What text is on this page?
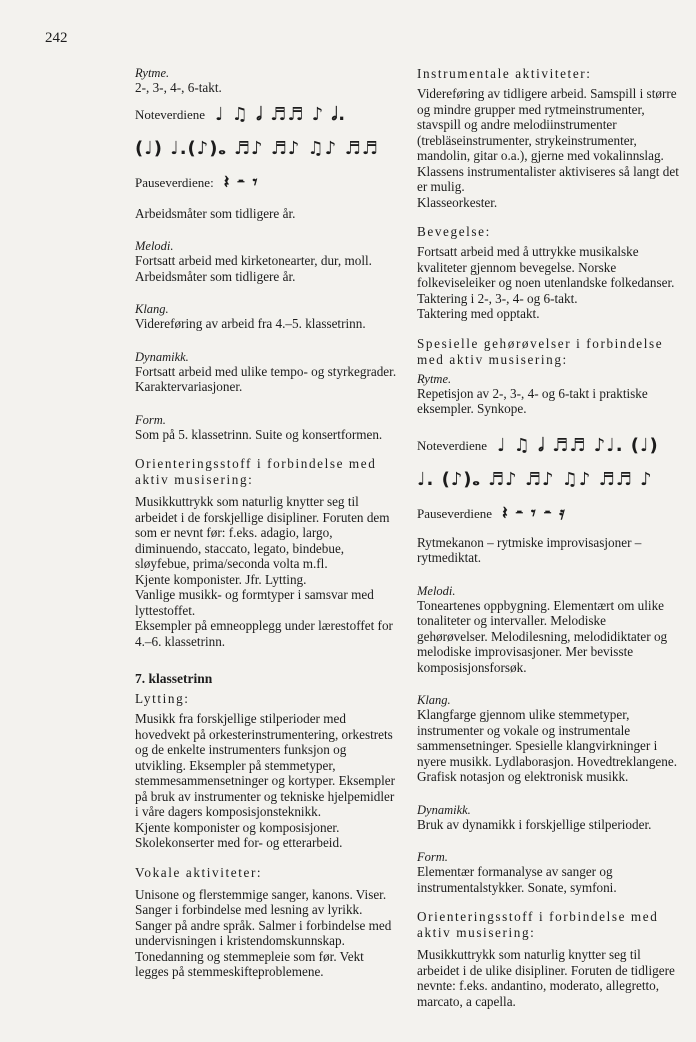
242
Rytme.

2-, 3-, 4-, 6-takt.

Noteverdiene ♩ ♫ 𝅗𝅥 ♬♬ ♪ 𝅗𝅥.
(♩) ♩.(♪)𝅝 ♬♪ ♬♪ ♫♪ ♬♬
Pauseverdiene: 𝄽 𝄼 𝄾

Arbeidsmåter som tidligere år.

Melodi.

Fortsatt arbeid med kirketonearter, dur, moll.

Arbeidsmåter som tidligere år.

Klang.

Videreføring av arbeid fra 4.–5. klassetrinn.

Dynamikk.

Fortsatt arbeid med ulike tempo- og styrkegrader.

Karaktervariasjoner.

Form.

Som på 5. klassetrinn. Suite og konsertformen.

Orienteringsstoff i forbindelse med aktiv musisering:

Musikkuttrykk som naturlig knytter seg til arbeidet i de forskjellige disipliner. Foruten dem som er nevnt før: f.eks. adagio, largo, diminuendo, staccato, legato, bindebue, sløyfebue, prima/seconda volta m.fl.

Kjente komponister. Jfr. Lytting.

Vanlige musikk- og formtyper i samsvar med lyttestoffet.

Eksempler på emneopplegg under lærestoffet for 4.–6. klassetrinn.

7. klassetrinn
Lytting:

Musikk fra forskjellige stilperioder med hovedvekt på orkesterinstrumentering, orkestrets og de enkelte instrumenters funksjon og utvikling. Eksempler på stemmetyper, stemmesammensetninger og kortyper. Eksempler på bruk av instrumenter og tekniske hjelpemidler i våre dagers komposisjonsteknikk.

Kjente komponister og komposisjoner.

Skolekonserter med for- og etterarbeid.

Vokale aktiviteter:

Unisone og flerstemmige sanger, kanons. Viser. Sanger i forbindelse med lesning av lyrikk.

Sanger på andre språk. Salmer i forbindelse med undervisningen i kristendomskunnskap. Tonedanning og stemmepleie som før. Vekt legges på stemmeskifteproblemene.

Instrumentale aktiviteter:

Videreføring av tidligere arbeid. Samspill i større og mindre grupper med rytmeinstrumenter, stavspill og andre melodiinstrumenter (trebläseinstrumenter, strykeinstrumenter, mandolin, gitar o.a.), gjerne med vokalinnslag. Klassens instrumentalister aktiviseres så langt det er mulig.

Klasseorkester.

Bevegelse:

Fortsatt arbeid med å uttrykke musikalske kvaliteter gjennom bevegelse. Norske folkeviseleiker og noen utenlandske folkedanser.

Taktering i 2-, 3-, 4- og 6-takt.

Taktering med opptakt.

Spesielle gehørøvelser i forbindelse med aktiv musisering:
Rytme.

Repetisjon av 2-, 3-, 4- og 6-takt i praktiske eksempler. Synkope.

Noteverdiene ♩ ♫ 𝅗𝅥 ♬♬ ♪♩. (♩)
♩. (♪)𝅝 ♬♪ ♬♪ ♫♪ ♬♬ ♪
Pauseverdiene 𝄽 𝄼 𝄾 𝄼 𝄿

Rytmekanon – rytmiske improvisasjoner – rytmediktat.

Melodi.

Toneartenes oppbygning. Elementært om ulike tonaliteter og intervaller. Melodiske gehørøvelser. Melodilesning, melodidiktater og melodiske improvisasjoner. Mer bevisste komposisjonsforsøk.

Klang.

Klangfarge gjennom ulike stemmetyper, instrumenter og vokale og instrumentale sammensetninger. Spesielle klangvirkninger i nyere musikk. Lydlaborasjon. Hovedtreklangene.

Grafisk notasjon og elektronisk musikk.

Dynamikk.

Bruk av dynamikk i forskjellige stilperioder.

Form.

Elementær formanalyse av sanger og instrumentalstykker. Sonate, symfoni.

Orienteringsstoff i forbindelse med aktiv musisering:

Musikkuttrykk som naturlig knytter seg til arbeidet i de ulike disipliner. Foruten de tidligere nevnte: f.eks. andantino, moderato, allegretto, marcato, a capella.
